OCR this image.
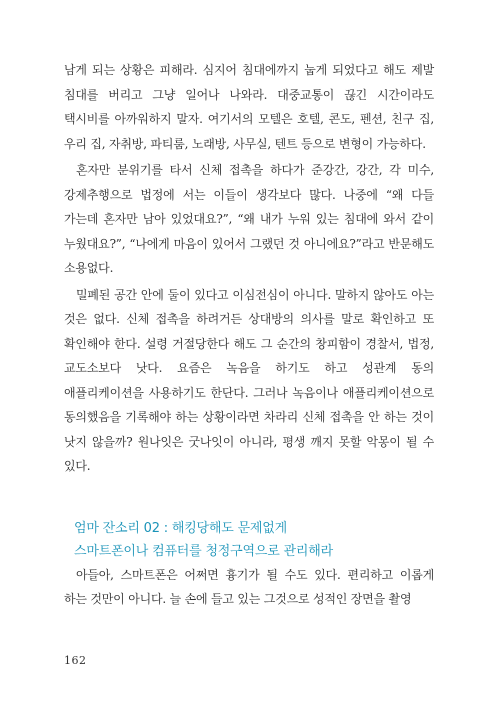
남게 되는 상황은 피해라. 심지어 침대에까지 눕게 되었다고 해도 제발 침대를 버리고 그냥 일어나 나와라. 대중교통이 끊긴 시간이라도 택시비를 아까워하지 말자. 여기서의 모텔은 호텔, 콘도, 펜션, 친구 집, 우리 집, 자취방, 파티룸, 노래방, 사무실, 텐트 등으로 변형이 가능하다.

혼자만 분위기를 타서 신체 접촉을 하다가 준강간, 강간, 각 미수, 강제추행으로 법정에 서는 이들이 생각보다 많다. 나중에 “왜 다들 가는데 혼자만 남아 있었대요?”, “왜 내가 누워 있는 침대에 와서 같이 누웠대요?”, “나에게 마음이 있어서 그랬던 것 아니에요?”라고 반문해도 소용없다.

밀폐된 공간 안에 둘이 있다고 이심전심이 아니다. 말하지 않아도 아는 것은 없다. 신체 접촉을 하려거든 상대방의 의사를 말로 확인하고 또 확인해야 한다. 설령 거절당한다 해도 그 순간의 창피함이 경찰서, 법정, 교도소보다 낫다. 요즘은 녹음을 하기도 하고 성관계 동의 애플리케이션을 사용하기도 한단다. 그러나 녹음이나 애플리케이션으로 동의했음을 기록해야 하는 상황이라면 차라리 신체 접촉을 안 하는 것이 낫지 않을까? 원나잇은 굿나잇이 아니라, 평생 깨지 못할 악몽이 될 수 있다.

엄마 잔소리 02 : 해킹당해도 문제없게

스마트폰이나 컴퓨터를 청정구역으로 관리해라

아들아, 스마트폰은 어쩌면 흉기가 될 수도 있다. 편리하고 이롭게 하는 것만이 아니다. 늘 손에 들고 있는 그것으로 성적인 장면을 촬영

162
